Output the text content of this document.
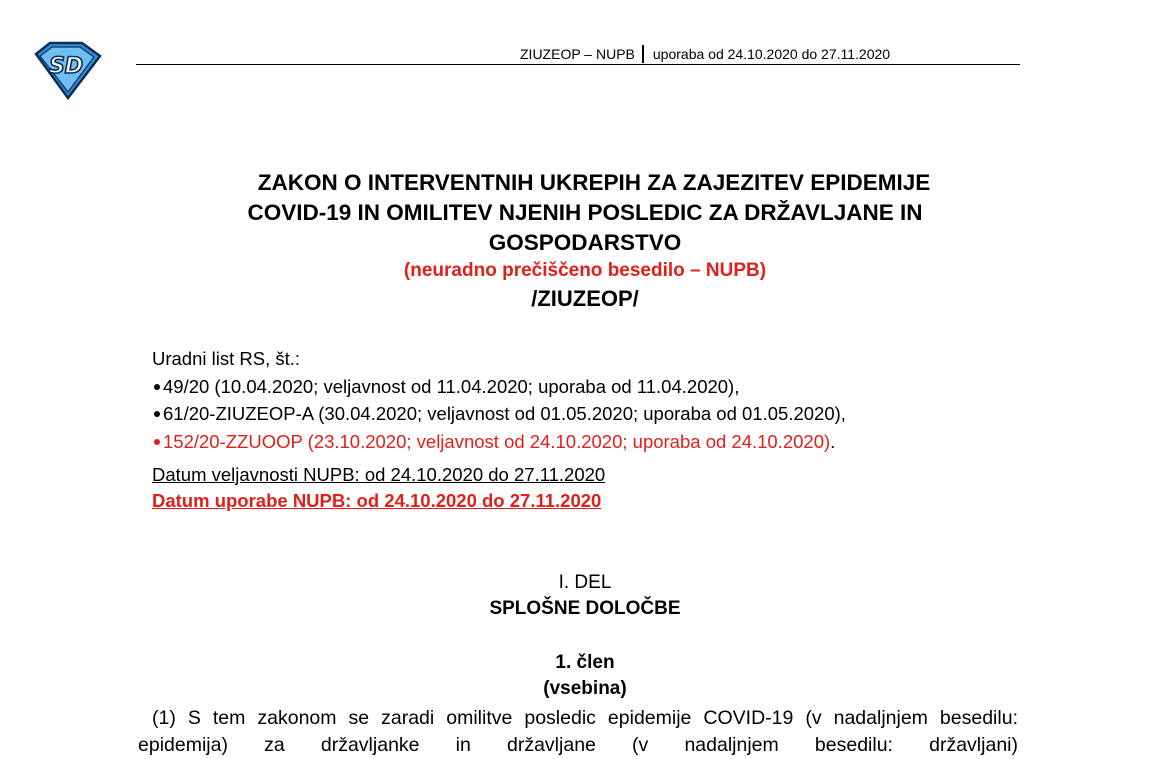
SD	ZIUZEOP – NUPB uporaba od 24.10.2020 do 27.11.2020
ZAKON O INTERVENTNIH UKREPIH ZA ZAJEZITEV EPIDEMIJE
COVID-19 IN OMILITEV NJENIH POSLEDIC ZA DRŽAVLJANE IN
GOSPODARSTVO
(neuradno prečiščeno besedilo – NUPB)
/ZIUZEOP/
Uradni list RS, št.:
49/20 (10.04.2020; veljavnost od 11.04.2020; uporaba od 11.04.2020),
61/20-ZIUZEOP-A (30.04.2020; veljavnost od 01.05.2020; uporaba od 01.05.2020),
152/20-ZZUOOP (23.10.2020; veljavnost od 24.10.2020; uporaba od 24.10.2020).
Datum veljavnosti NUPB: od 24.10.2020 do 27.11.2020
Datum uporabe NUPB: od 24.10.2020 do 27.11.2020
I. DEL
SPLOŠNE DOLOČBE
1. člen
(vsebina)
(1) S tem zakonom se zaradi omilitve posledic epidemije COVID-19 (v nadaljnjem besedilu: epidemija) za državljanke in državljane (v nadaljnjem besedilu: državljani)
